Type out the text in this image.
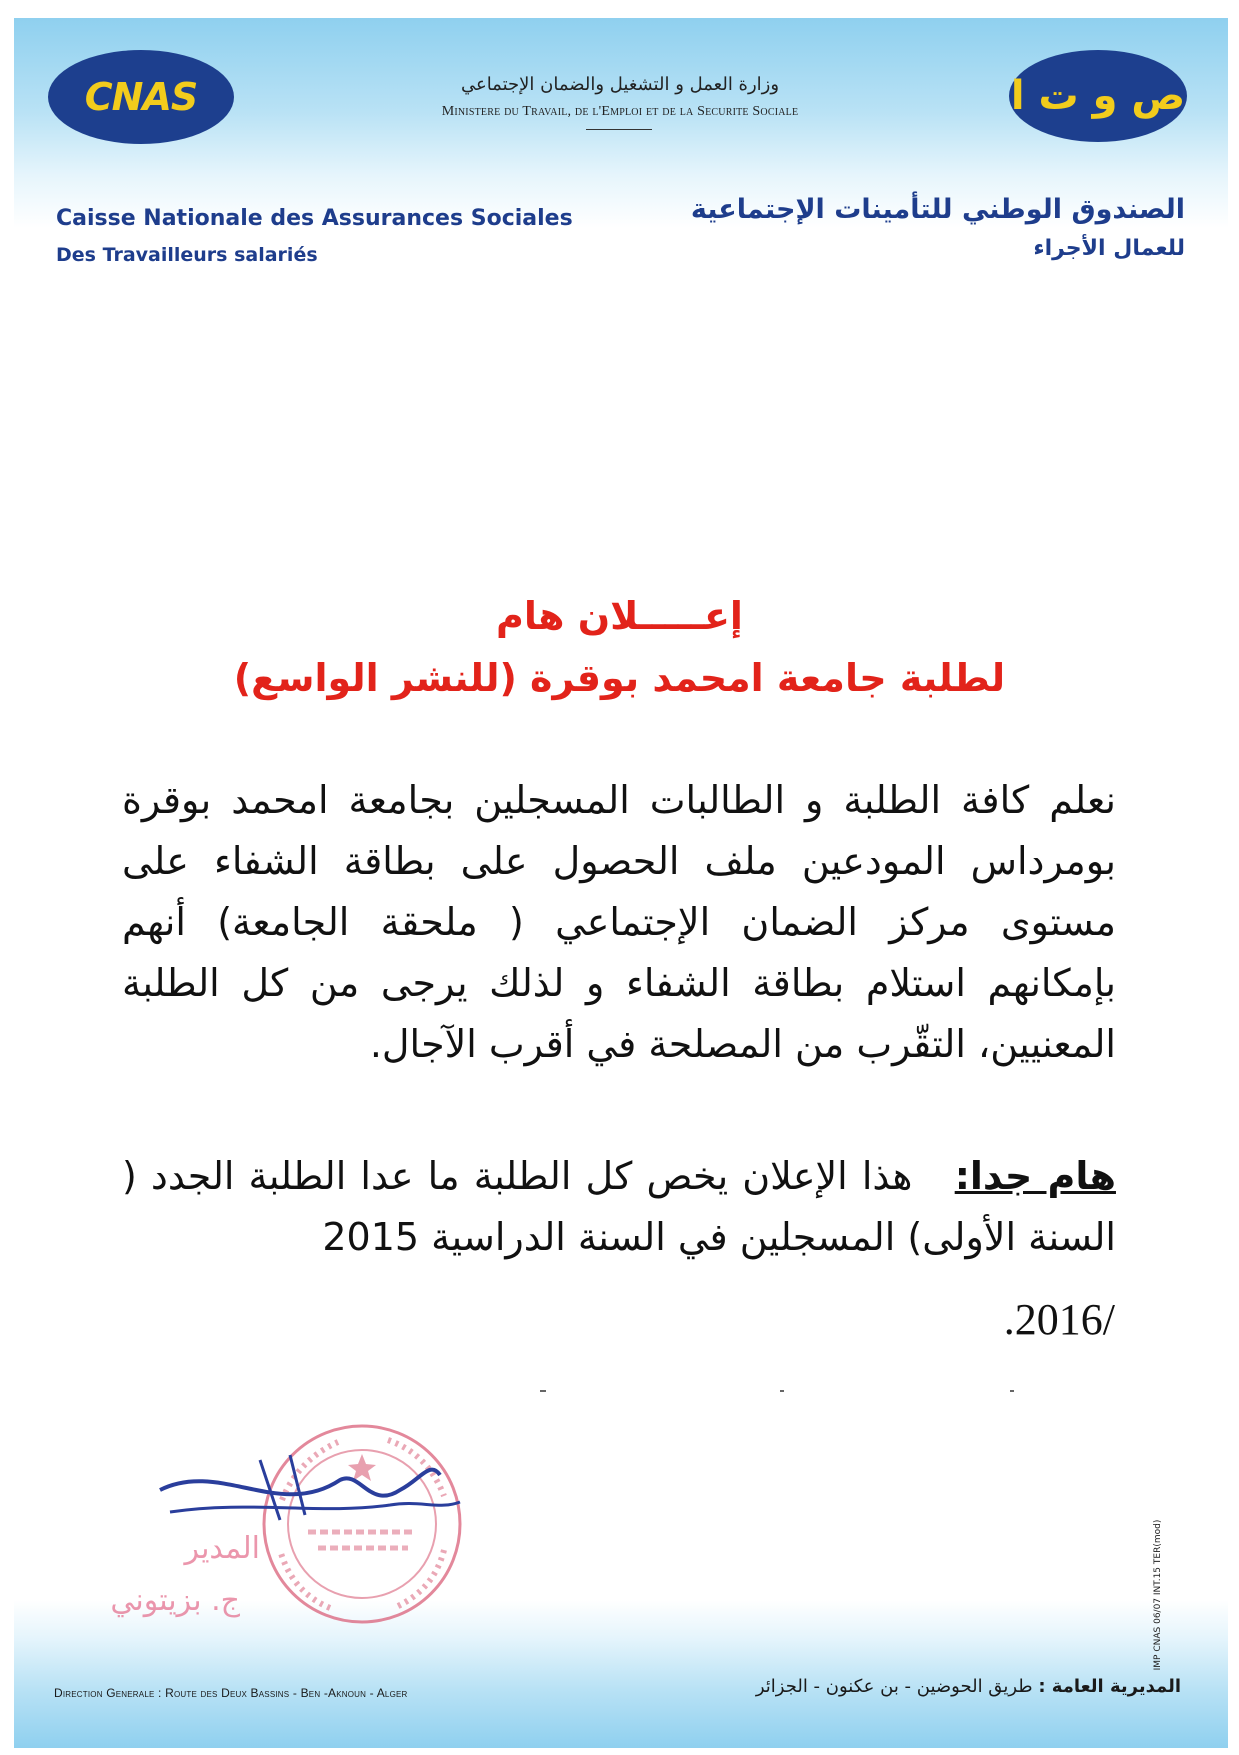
CNAS	ص و ت ا
وزارة العمل و التشغيل والضمان الإجتماعي
Ministere du Travail, de l'Emploi et de la Securite Sociale
Caisse Nationale des Assurances Sociales
Des Travailleurs salariés
الصندوق الوطني للتأمينات الإجتماعية
للعمال الأجراء
إعـــــلان هام
لطلبة جامعة امحمد بوقرة (للنشر الواسع)
نعلم كافة الطلبة و الطالبات المسجلين بجامعة امحمد بوقرة بومرداس المودعين ملف الحصول على بطاقة الشفاء على مستوى مركز الضمان الإجتماعي ( ملحقة الجامعة) أنهم بإمكانهم استلام بطاقة الشفاء و لذلك يرجى من كل الطلبة المعنيين، التقّرب من المصلحة في أقرب الآجال.
هام جدا:   هذا الإعلان يخص كل الطلبة ما عدا الطلبة الجدد ( السنة الأولى) المسجلين في السنة الدراسية 2015
.2016/
المدير
ج. بزيتوني	IMP CNAS 06/07 INT.15 TER(mod)
Direction Generale : Route des Deux Bassins - Ben -Aknoun - Alger	المديرية العامة : طريق الحوضين - بن عكنون - الجزائر
